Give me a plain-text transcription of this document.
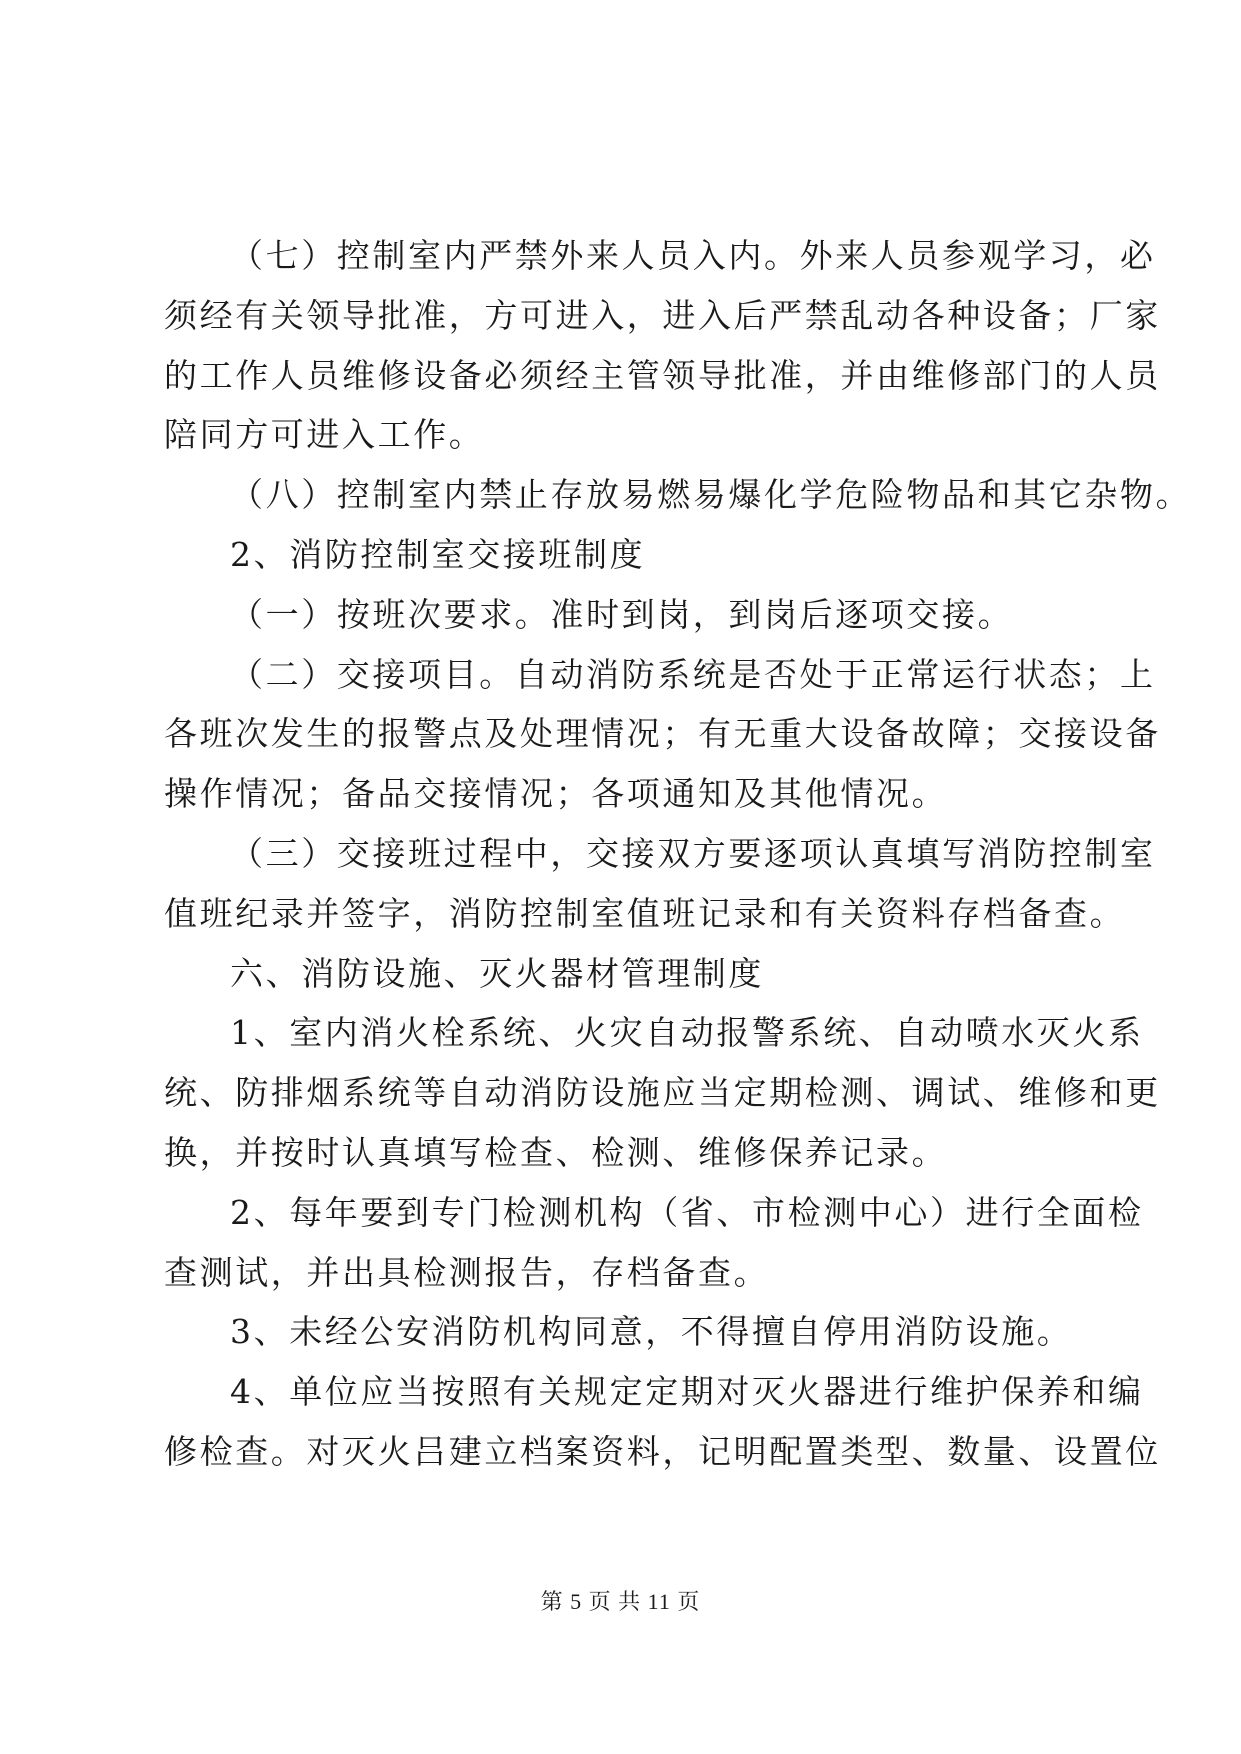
（七）控制室内严禁外来人员入内。外来人员参观学习，必
须经有关领导批准，方可进入，进入后严禁乱动各种设备；厂家
的工作人员维修设备必须经主管领导批准，并由维修部门的人员
陪同方可进入工作。
（八）控制室内禁止存放易燃易爆化学危险物品和其它杂物。
2、消防控制室交接班制度
（一）按班次要求。准时到岗，到岗后逐项交接。
（二）交接项目。自动消防系统是否处于正常运行状态；上
各班次发生的报警点及处理情况；有无重大设备故障；交接设备
操作情况；备品交接情况；各项通知及其他情况。
（三）交接班过程中，交接双方要逐项认真填写消防控制室
值班纪录并签字，消防控制室值班记录和有关资料存档备查。
六、消防设施、灭火器材管理制度
1、室内消火栓系统、火灾自动报警系统、自动喷水灭火系
统、防排烟系统等自动消防设施应当定期检测、调试、维修和更
换，并按时认真填写检查、检测、维修保养记录。
2、每年要到专门检测机构（省、市检测中心）进行全面检
查测试，并出具检测报告，存档备查。
3、未经公安消防机构同意，不得擅自停用消防设施。
4、单位应当按照有关规定定期对灭火器进行维护保养和编
修检查。对灭火吕建立档案资料，记明配置类型、数量、设置位
第 5 页 共 11 页
